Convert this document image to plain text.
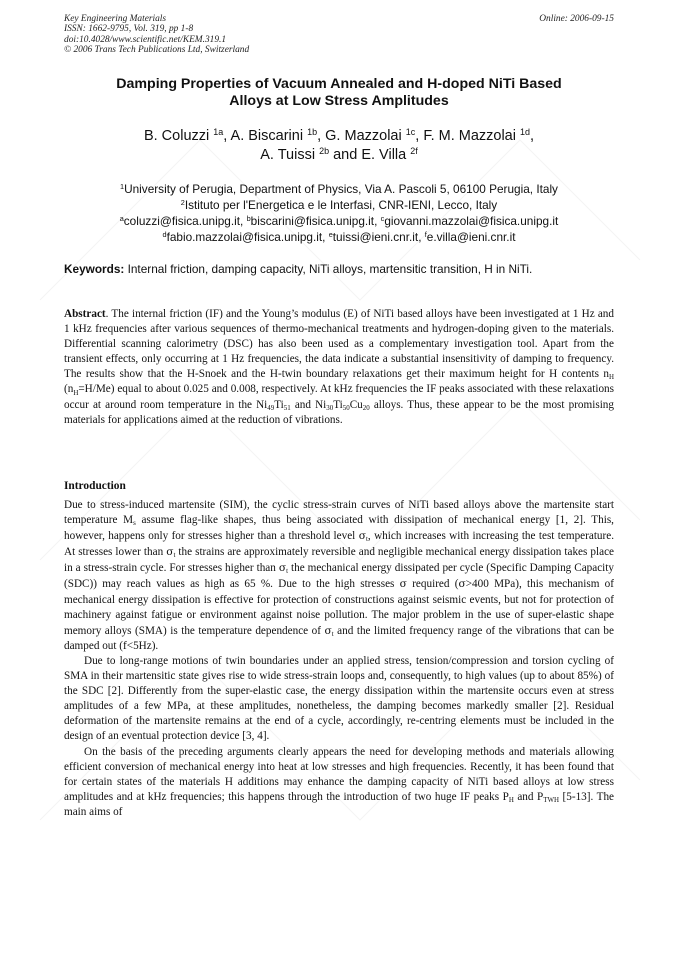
Key Engineering Materials
ISSN: 1662-9795, Vol. 319, pp 1-8
doi:10.4028/www.scientific.net/KEM.319.1
© 2006 Trans Tech Publications Ltd, Switzerland
Online: 2006-09-15
Damping Properties of Vacuum Annealed and H-doped NiTi Based
Alloys at Low Stress Amplitudes
B. Coluzzi $^{1a}$, A. Biscarini $^{1b}$, G. Mazzolai $^{1c}$, F. M. Mazzolai $^{1d}$,
A. Tuissi $^{2b}$ and E. Villa $^{2f}$
$^1$University of Perugia, Department of Physics, Via A. Pascoli 5, 06100 Perugia, Italy
$^2$Istituto per l'Energetica e le Interfasi, CNR-IENI, Lecco, Italy
$^a$coluzzi@fisica.unipg.it, $^b$biscarini@fisica.unipg.it, $^c$giovanni.mazzolai@fisica.unipg.it
$^d$fabio.mazzolai@fisica.unipg.it, $^e$tuissi@ieni.cnr.it, $^f$e.villa@ieni.cnr.it
Keywords: Internal friction, damping capacity, NiTi alloys, martensitic transition, H in NiTi.
Abstract. The internal friction (IF) and the Young’s modulus (E) of NiTi based alloys have been investigated at 1 Hz and 1 kHz frequencies after various sequences of thermo-mechanical treatments and hydrogen-doping given to the materials. Differential scanning calorimetry (DSC) has also been used as a complementary investigation tool. Apart from the transient effects, only occurring at 1 Hz frequencies, the data indicate a substantial insensitivity of damping to frequency. The results show that the H-Snoek and the H-twin boundary relaxations get their maximum height for H contents $n_H$ $(n_H=H/Me)$ equal to about 0.025 and 0.008, respectively. At kHz frequencies the IF peaks associated with these relaxations occur at around room temperature in the $Ni_{49}Ti_{51}$ and $Ni_{30}Ti_{50}Cu_{20}$ alloys. Thus, these appear to be the most promising materials for applications aimed at the reduction of vibrations.
Introduction

Due to stress-induced martensite (SIM), the cyclic stress-strain curves of NiTi based alloys above the martensite start temperature $M_s$ assume flag-like shapes, thus being associated with dissipation of mechanical energy [1, 2]. This, however, happens only for stresses higher than a threshold level $\sigma_t$, which increases with increasing the test temperature. At stresses lower than $\sigma_t$ the strains are approximately reversible and negligible mechanical energy dissipation takes place in a stress-strain cycle. For stresses higher than $\sigma_t$ the mechanical energy dissipated per cycle (Specific Damping Capacity (SDC)) may reach values as high as 65 %. Due to the high stresses σ required (σ>400 MPa), this mechanism of mechanical energy dissipation is effective for protection of constructions against seismic events, but not for protection of machinery against fatigue or environment against noise pollution. The major problem in the use of super-elastic shape memory alloys (SMA) is the temperature dependence of $\sigma_t$ and the limited frequency range of the vibrations that can be damped out (f<5Hz).

Due to long-range motions of twin boundaries under an applied stress, tension/compression and torsion cycling of SMA in their martensitic state gives rise to wide stress-strain loops and, consequently, to high values (up to about 85%) of the SDC [2]. Differently from the super-elastic case, the energy dissipation within the martensite occurs even at stress amplitudes of a few MPa, at these amplitudes, nonetheless, the damping becomes markedly smaller [2]. Residual deformation of the martensite remains at the end of a cycle, accordingly, re-centring elements must be included in the design of an eventual protection device [3, 4].

On the basis of the preceding arguments clearly appears the need for developing methods and materials allowing efficient conversion of mechanical energy into heat at low stresses and high frequencies. Recently, it has been found that for certain states of the materials H additions may enhance the damping capacity of NiTi based alloys at low stress amplitudes and at kHz frequencies; this happens through the introduction of two huge IF peaks $P_H$ and $P_{TWH}$ [5-13]. The main aims of
